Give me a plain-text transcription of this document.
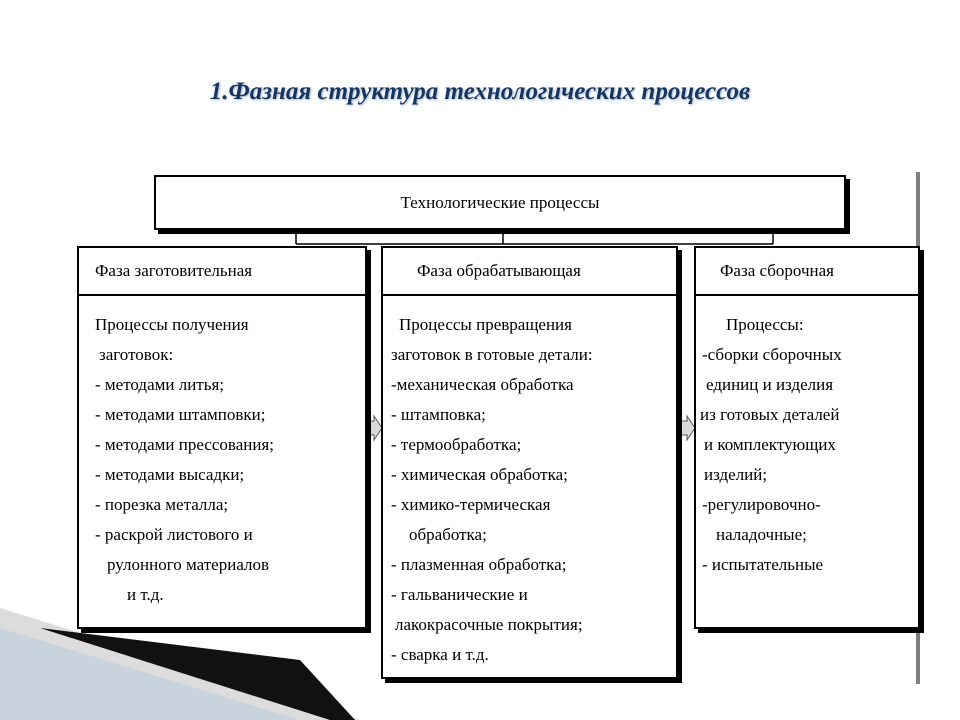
1.Фазная структура технологических процессов
Технологические процессы
Фаза заготовительная
Процессы получения
заготовок:
- методами литья;
- методами штамповки;
- методами прессования;
- методами высадки;
- порезка металла;
- раскрой листового и
рулонного материалов
и т.д.
Фаза обрабатывающая
Процессы превращения
заготовок в готовые детали:
-механическая обработка
- штамповка;
- термообработка;
- химическая обработка;
- химико-термическая
обработка;
- плазменная обработка;
- гальванические и
лакокрасочные покрытия;
- сварка и т.д.
Фаза сборочная
Процессы:
-сборки сборочных
единиц и изделия
из готовых деталей
и комплектующих
изделий;
-регулировочно-
наладочные;
- испытательные
